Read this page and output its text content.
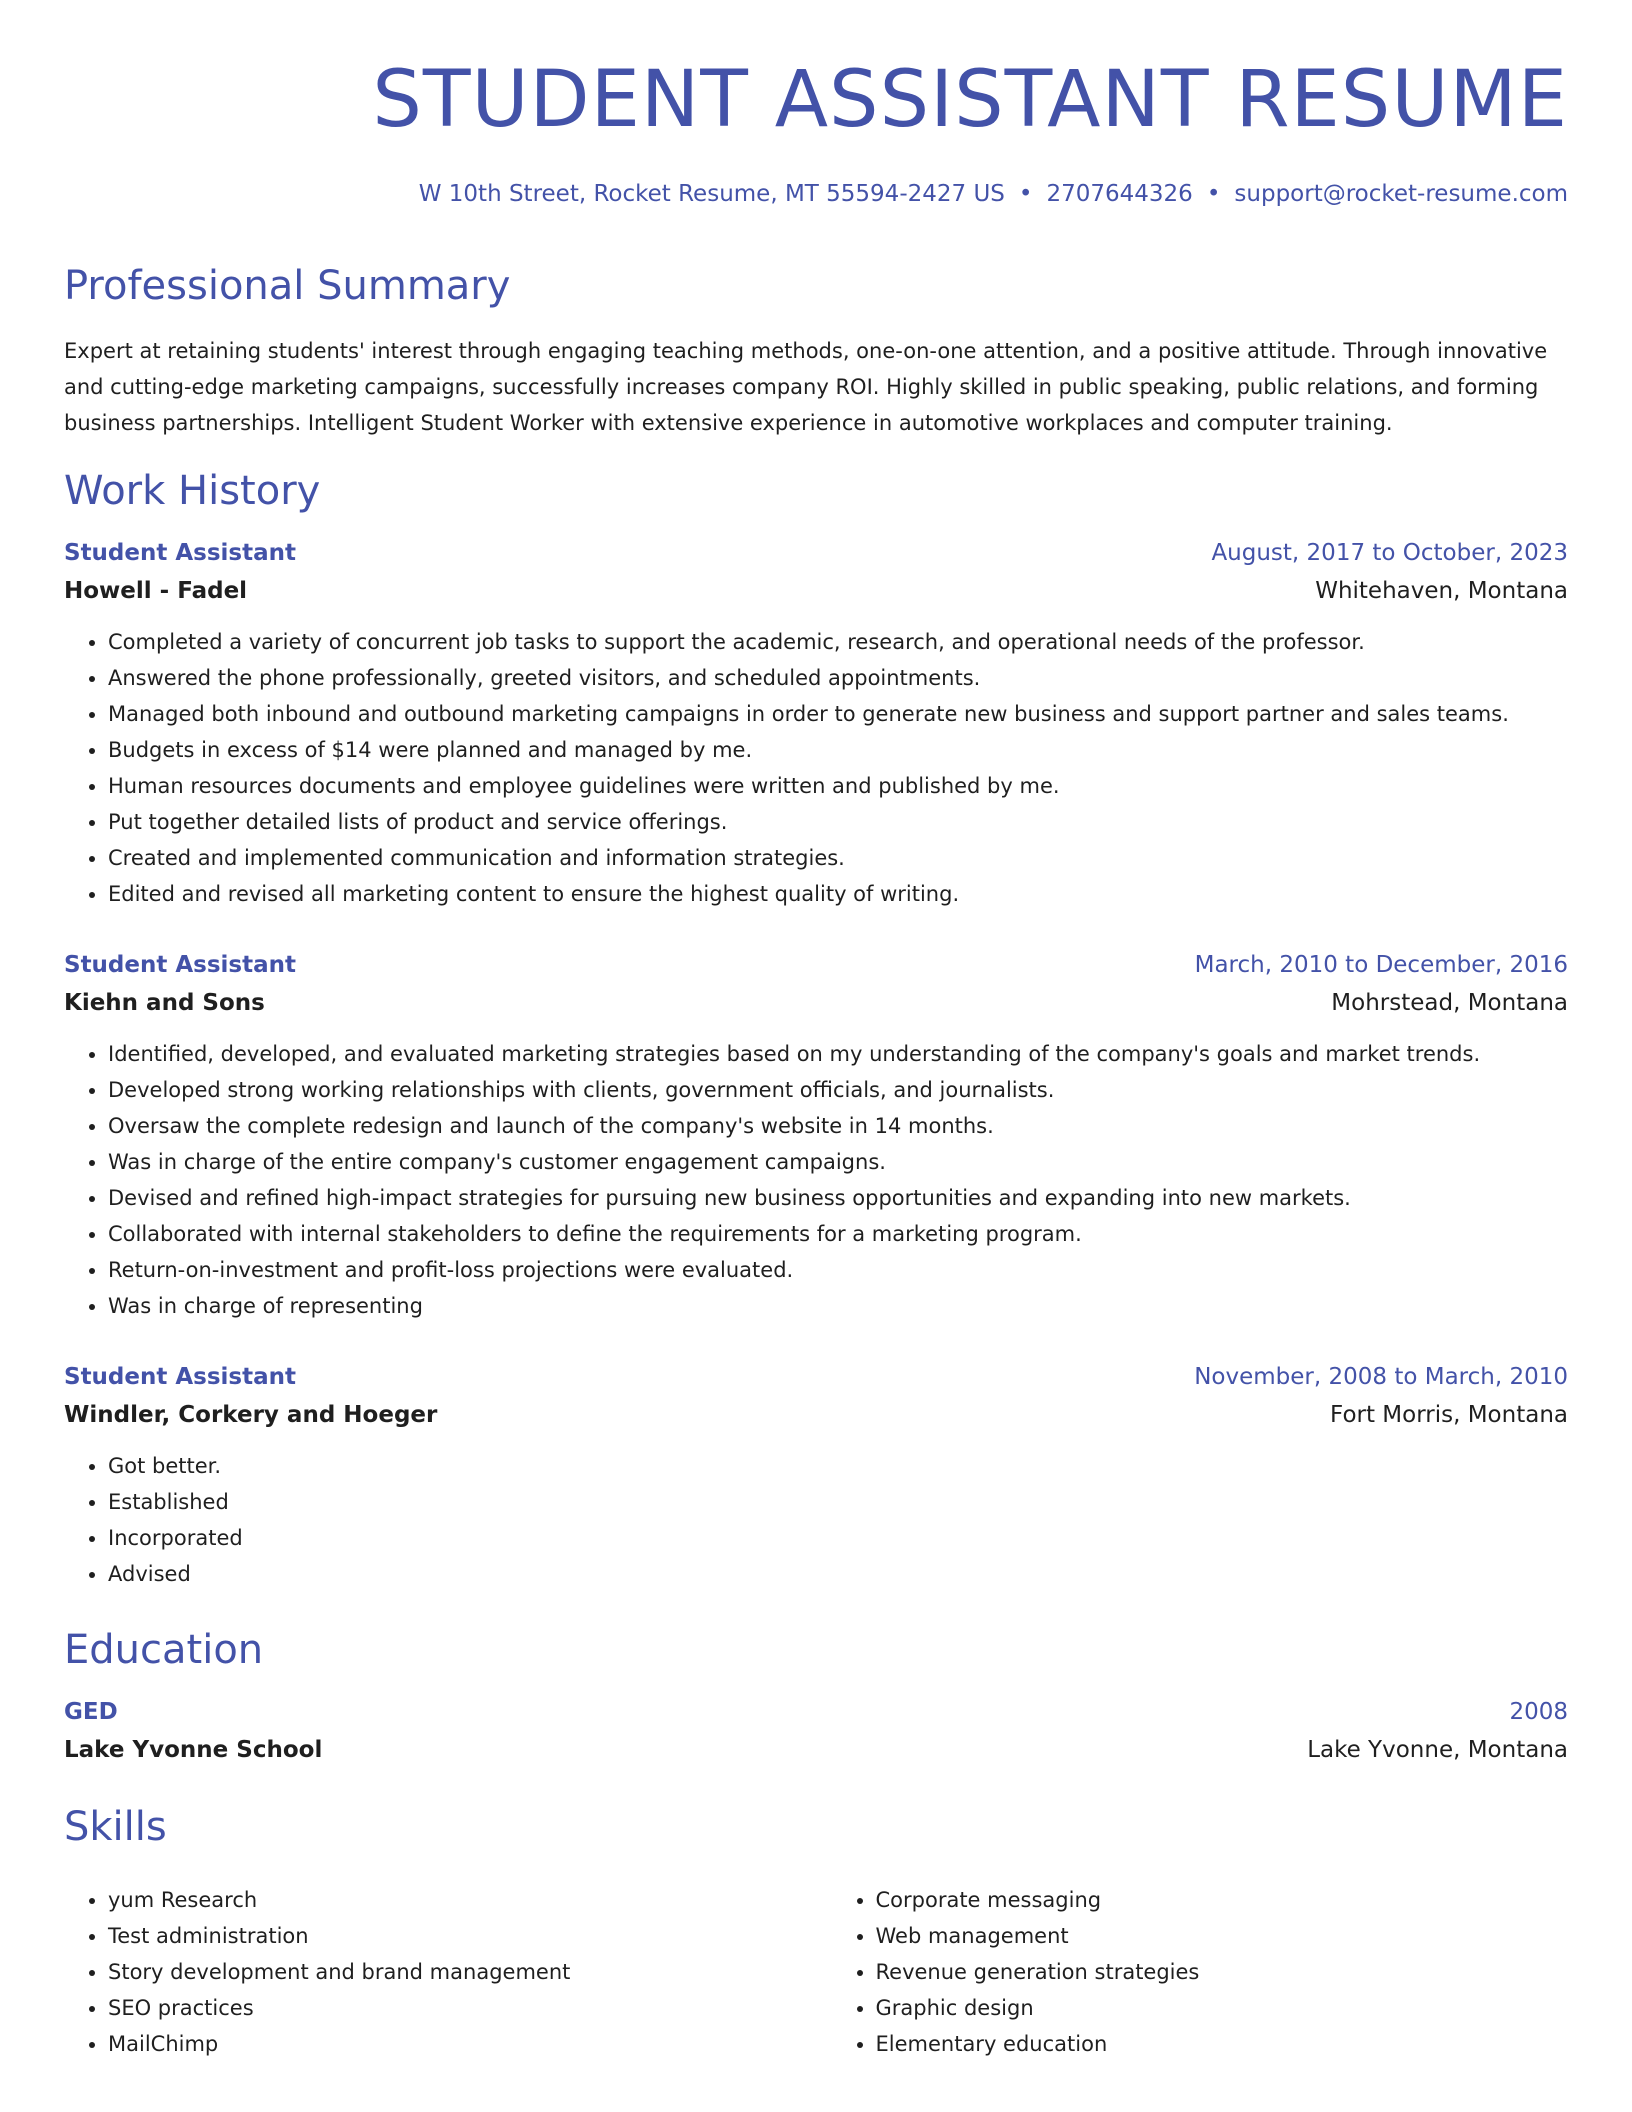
STUDENT ASSISTANT RESUME
W 10th Street, Rocket Resume, MT 55594-2427 US • 2707644326 • support@rocket-resume.com
Professional Summary

Expert at retaining students' interest through engaging teaching methods, one-on-one attention, and a positive attitude. Through innovative and cutting-edge marketing campaigns, successfully increases company ROI. Highly skilled in public speaking, public relations, and forming business partnerships. Intelligent Student Worker with extensive experience in automotive workplaces and computer training.

Work History
Student Assistant	August, 2017 to October, 2023
Howell - Fadel	Whitehaven, Montana
• Completed a variety of concurrent job tasks to support the academic, research, and operational needs of the professor.
• Answered the phone professionally, greeted visitors, and scheduled appointments.
• Managed both inbound and outbound marketing campaigns in order to generate new business and support partner and sales teams.
• Budgets in excess of $14 were planned and managed by me.
• Human resources documents and employee guidelines were written and published by me.
• Put together detailed lists of product and service offerings.
• Created and implemented communication and information strategies.
• Edited and revised all marketing content to ensure the highest quality of writing.
Student Assistant	March, 2010 to December, 2016
Kiehn and Sons	Mohrstead, Montana
• Identified, developed, and evaluated marketing strategies based on my understanding of the company's goals and market trends.
• Developed strong working relationships with clients, government officials, and journalists.
• Oversaw the complete redesign and launch of the company's website in 14 months.
• Was in charge of the entire company's customer engagement campaigns.
• Devised and refined high-impact strategies for pursuing new business opportunities and expanding into new markets.
• Collaborated with internal stakeholders to define the requirements for a marketing program.
• Return-on-investment and profit-loss projections were evaluated.
• Was in charge of representing
Student Assistant	November, 2008 to March, 2010
Windler, Corkery and Hoeger	Fort Morris, Montana
• Got better.
• Established
• Incorporated
• Advised
Education
GED	2008
Lake Yvonne School	Lake Yvonne, Montana
Skills
• yum Research
• Test administration
• Story development and brand management
• SEO practices
• MailChimp
• Corporate messaging
• Web management
• Revenue generation strategies
• Graphic design
• Elementary education
